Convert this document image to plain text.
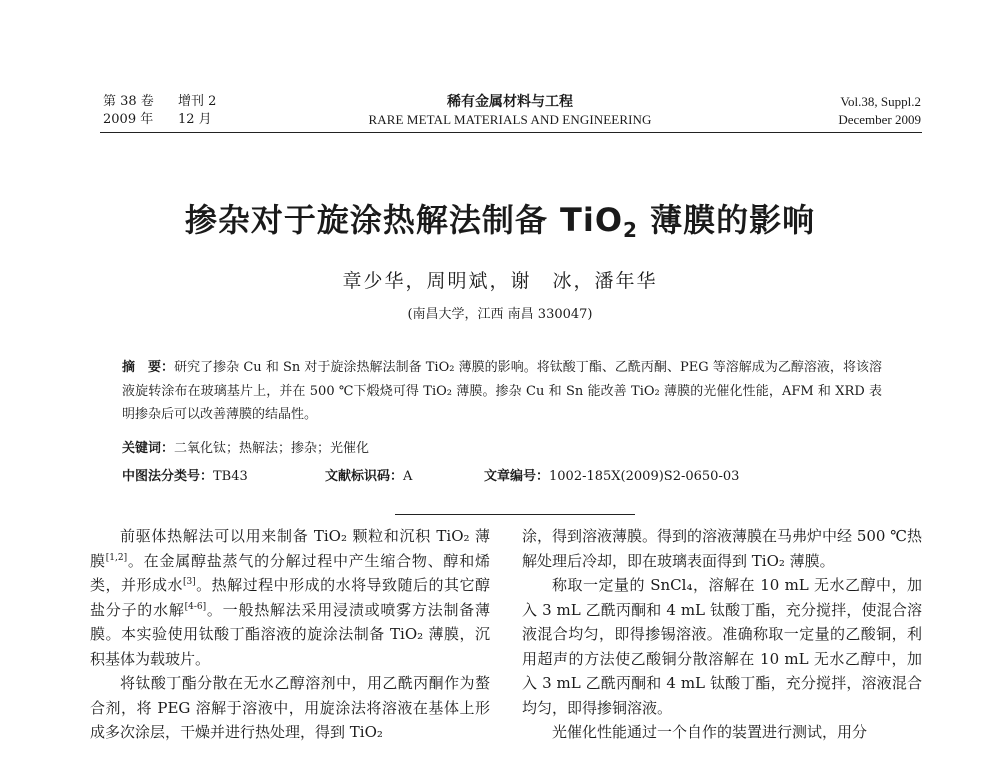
第 38 卷 增刊 2
2009 年 12 月
稀有金属材料与工程
RARE METAL MATERIALS AND ENGINEERING
Vol.38, Suppl.2
December 2009
掺杂对于旋涂热解法制备 TiO$_2$ 薄膜的影响
章少华，周明斌，谢　冰，潘年华
(南昌大学，江西 南昌 330047)
摘　要：研究了掺杂 Cu 和 Sn 对于旋涂热解法制备 TiO₂ 薄膜的影响。将钛酸丁酯、乙酰丙酮、PEG 等溶解成为乙醇溶液，将该溶液旋转涂布在玻璃基片上，并在 500 ℃下煅烧可得 TiO₂ 薄膜。掺杂 Cu 和 Sn 能改善 TiO₂ 薄膜的光催化性能，AFM 和 XRD 表明掺杂后可以改善薄膜的结晶性。
关键词：二氧化钛；热解法；掺杂；光催化
中图法分类号：TB43	文献标识码：A	文章编号：1002-185X(2009)S2-0650-03

前驱体热解法可以用来制备 TiO₂ 颗粒和沉积 TiO₂ 薄膜[1,2]。在金属醇盐蒸气的分解过程中产生缩合物、醇和烯类，并形成水[3]。热解过程中形成的水将导致随后的其它醇盐分子的水解[4-6]。一般热解法采用浸渍或喷雾方法制备薄膜。本实验使用钛酸丁酯溶液的旋涂法制备 TiO₂ 薄膜，沉积基体为载玻片。

将钛酸丁酯分散在无水乙醇溶剂中，用乙酰丙酮作为螯合剂，将 PEG 溶解于溶液中，用旋涂法将溶液在基体上形成多次涂层，干燥并进行热处理，得到 TiO₂

涂，得到溶液薄膜。得到的溶液薄膜在马弗炉中经 500 ℃热解处理后冷却，即在玻璃表面得到 TiO₂ 薄膜。

称取一定量的 SnCl₄，溶解在 10 mL 无水乙醇中，加入 3 mL 乙酰丙酮和 4 mL 钛酸丁酯，充分搅拌，使混合溶液混合均匀，即得掺锡溶液。准确称取一定量的乙酸铜，利用超声的方法使乙酸铜分散溶解在 10 mL 无水乙醇中，加入 3 mL 乙酰丙酮和 4 mL 钛酸丁酯，充分搅拌，溶液混合均匀，即得掺铜溶液。

光催化性能通过一个自作的装置进行测试，用分
